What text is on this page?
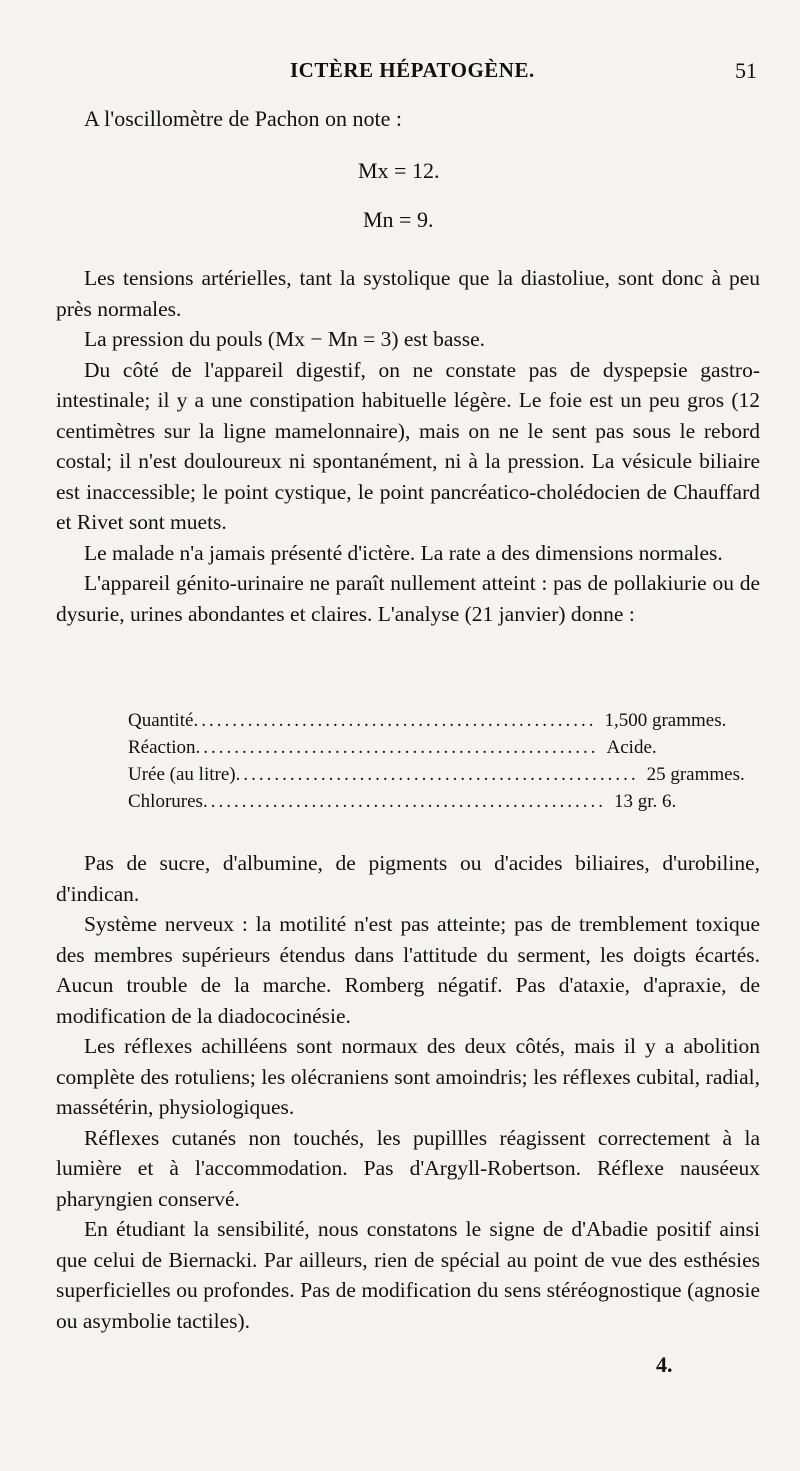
ICTÈRE HÉPATOGÈNE.	51
A l'oscillomètre de Pachon on note :
Mx = 12.
Mn = 9.

Les tensions artérielles, tant la systolique que la diastoliue, sont donc à peu près normales.

La pression du pouls (Mx − Mn = 3) est basse.

Du côté de l'appareil digestif, on ne constate pas de dyspepsie gastro-intestinale; il y a une constipation habituelle légère. Le foie est un peu gros (12 centimètres sur la ligne mamelonnaire), mais on ne le sent pas sous le rebord costal; il n'est douloureux ni spontanément, ni à la pression. La vésicule biliaire est inaccessible; le point cystique, le point pancréatico-cholédocien de Chauffard et Rivet sont muets.

Le malade n'a jamais présenté d'ictère. La rate a des dimensions normales.

L'appareil génito-urinaire ne paraît nullement atteint : pas de pollakiurie ou de dysurie, urines abondantes et claires. L'analyse (21 janvier) donne :

Quantité.................................................... 1,500 grammes.
Réaction.................................................... Acide.
Urée (au litre).................................................... 25 grammes.
Chlorures.................................................... 13 gr. 6.

Pas de sucre, d'albumine, de pigments ou d'acides biliaires, d'urobiline, d'indican.

Système nerveux : la motilité n'est pas atteinte; pas de tremblement toxique des membres supérieurs étendus dans l'attitude du serment, les doigts écartés. Aucun trouble de la marche. Romberg négatif. Pas d'ataxie, d'apraxie, de modification de la diadococinésie.

Les réflexes achilléens sont normaux des deux côtés, mais il y a abolition complète des rotuliens; les olécraniens sont amoindris; les réflexes cubital, radial, massétérin, physiologiques.

Réflexes cutanés non touchés, les pupillles réagissent correctement à la lumière et à l'accommodation. Pas d'Argyll-Robertson. Réflexe nauséeux pharyngien conservé.

En étudiant la sensibilité, nous constatons le signe de d'Abadie positif ainsi que celui de Biernacki. Par ailleurs, rien de spécial au point de vue des esthésies superficielles ou profondes. Pas de modification du sens stéréognostique (agnosie ou asymbolie tactiles).

4.
